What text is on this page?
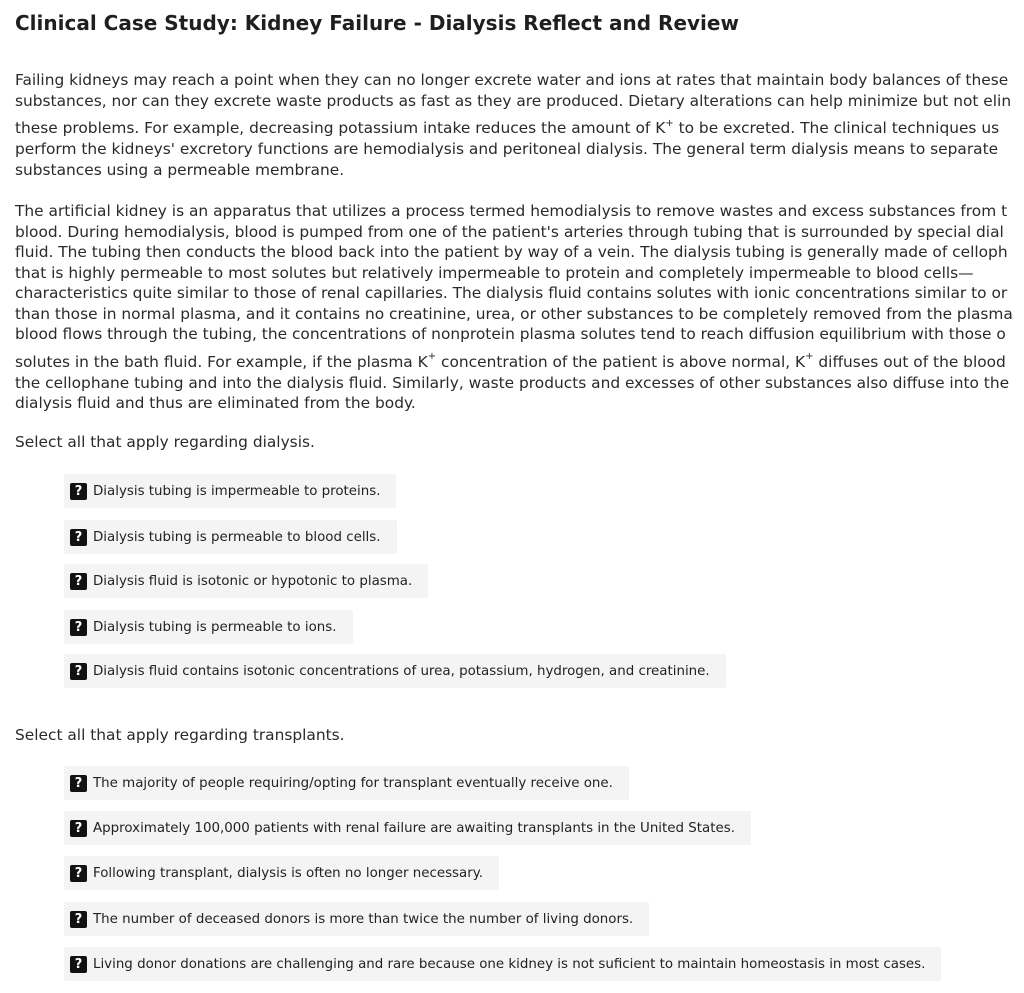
Clinical Case Study: Kidney Failure - Dialysis Reflect and Review
Failing kidneys may reach a point when they can no longer excrete water and ions at rates that maintain body balances of these
substances, nor can they excrete waste products as fast as they are produced. Dietary alterations can help minimize but not elin
these problems. For example, decreasing potassium intake reduces the amount of K+ to be excreted. The clinical techniques us
perform the kidneys' excretory functions are hemodialysis and peritoneal dialysis. The general term dialysis means to separate
substances using a permeable membrane.
The artificial kidney is an apparatus that utilizes a process termed hemodialysis to remove wastes and excess substances from t
blood. During hemodialysis, blood is pumped from one of the patient's arteries through tubing that is surrounded by special dial
fluid. The tubing then conducts the blood back into the patient by way of a vein. The dialysis tubing is generally made of celloph
that is highly permeable to most solutes but relatively impermeable to protein and completely impermeable to blood cells—
characteristics quite similar to those of renal capillaries. The dialysis fluid contains solutes with ionic concentrations similar to or
than those in normal plasma, and it contains no creatinine, urea, or other substances to be completely removed from the plasma
blood flows through the tubing, the concentrations of nonprotein plasma solutes tend to reach diffusion equilibrium with those o
solutes in the bath fluid. For example, if the plasma K+ concentration of the patient is above normal, K+ diffuses out of the blood
the cellophane tubing and into the dialysis fluid. Similarly, waste products and excesses of other substances also diffuse into the
dialysis fluid and thus are eliminated from the body.

Select all that apply regarding dialysis.

? Dialysis tubing is impermeable to proteins.
? Dialysis tubing is permeable to blood cells.
? Dialysis fluid is isotonic or hypotonic to plasma.
? Dialysis tubing is permeable to ions.
? Dialysis fluid contains isotonic concentrations of urea, potassium, hydrogen, and creatinine.

Select all that apply regarding transplants.

? The majority of people requiring/opting for transplant eventually receive one.
? Approximately 100,000 patients with renal failure are awaiting transplants in the United States.
? Following transplant, dialysis is often no longer necessary.
? The number of deceased donors is more than twice the number of living donors.
? Living donor donations are challenging and rare because one kidney is not suficient to maintain homeostasis in most cases.
